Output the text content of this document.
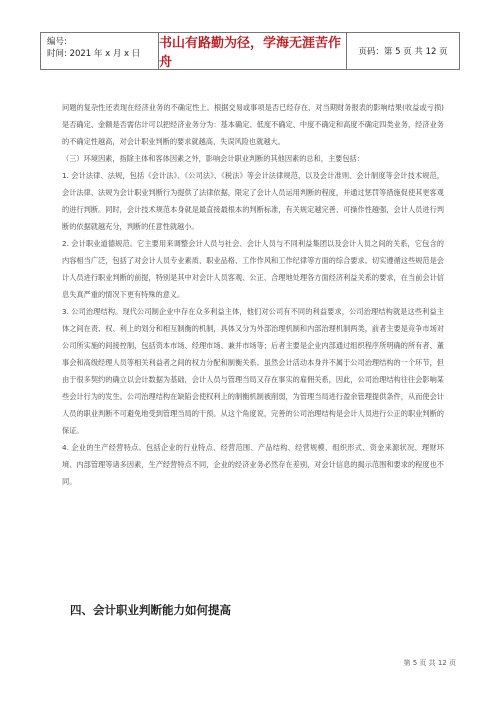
编号:
时间: 2021 年 x 月 x 日
书山有路勤为径，学海无涯苦作舟
页码：第 5 页 共 12 页

问题的复杂性还表现在经济业务的不确定性上。根据交易或事项是否已经存在、对当期财务报表的影响结果(收益或亏损)是否确定、金额是否需估计可以把经济业务分为：基本确定、低度不确定、中度不确定和高度不确定四类业务，经济业务的不确定性越高，对会计职业判断的要求就越高，失误风险也就越大。

（三）环境因素，指除主体和客体因素之外，影响会计职业判断的其他因素的总和，主要包括：

1. 会计法律、法规，包括《会计法》、《公司法》、《税法》等会计法律规范，以及会计准则、会计制度等会计技术规范，会计法律、法规为会计职业判断行为提供了法律依据，限定了会计人员运用判断的程度，并通过惩罚等措施促使其更客观的进行判断。同时，会计技术规范本身就是最直接最根本的判断标准，有关规定越完善、可操作性越强，会计人员进行判断的依据就越充分，判断的任意性就越小。

2. 会计职业道德规范。它主要用来调整会计人员与社会、会计人员与不同利益集团以及会计人员之间的关系，它包含的内容相当广泛，包括了对会计人员专业素质、职业品格、工作作风和工作纪律等方面的综合要求。切实遵循这些规范是会计人员进行职业判断的前提，特别是其中对会计人员客观、公正、合理地处理各方面经济利益关系的要求，在当前会计信息失真严重的情况下更有特殊的意义。

3. 公司治理结构。现代公司制企业中存在众多利益主体，他们对公司有不同的利益要求，公司治理结构就是这些利益主体之间在责、权、利上的划分和相互制衡的机制，具体又分为外部治理机制和内部治理机制两类，前者主要是竞争市场对公司所实施的间接控制，包括资本市场、经理市场、兼并市场等；后者主要是企业内部通过组织程序所明确的所有者、董事会和高级经理人员等相关利益者之间的权力分配和制衡关系。虽然会计活动本身并不属于公司治理结构的一个环节，但由于很多契约的确立以会计数据为基础，会计人员与管理当局又存在事实的雇佣关系，因此，公司治理结构往往会影响某些会计行为的发生。公司治理结构在缺陷会使权利上的制衡机制被削弱，为管理当局进行盈余管理提供条件，从而使会计人员的职业判断不可避免地受到管理当局的干预。从这个角度说，完善的公司治理结构是会计人员进行公正的职业判断的保证。

4. 企业的生产经营特点。包括企业的行业特点、经营范围、产品结构、经营规模、组织形式、资金来源状况、理财环境、内部管理等诸多因素，生产经营特点不同，企业的经济业务必然存在差别，对会计信息的揭示范围和要求的程度也不同。

四、会计职业判断能力如何提高
第 5 页 共 12 页
